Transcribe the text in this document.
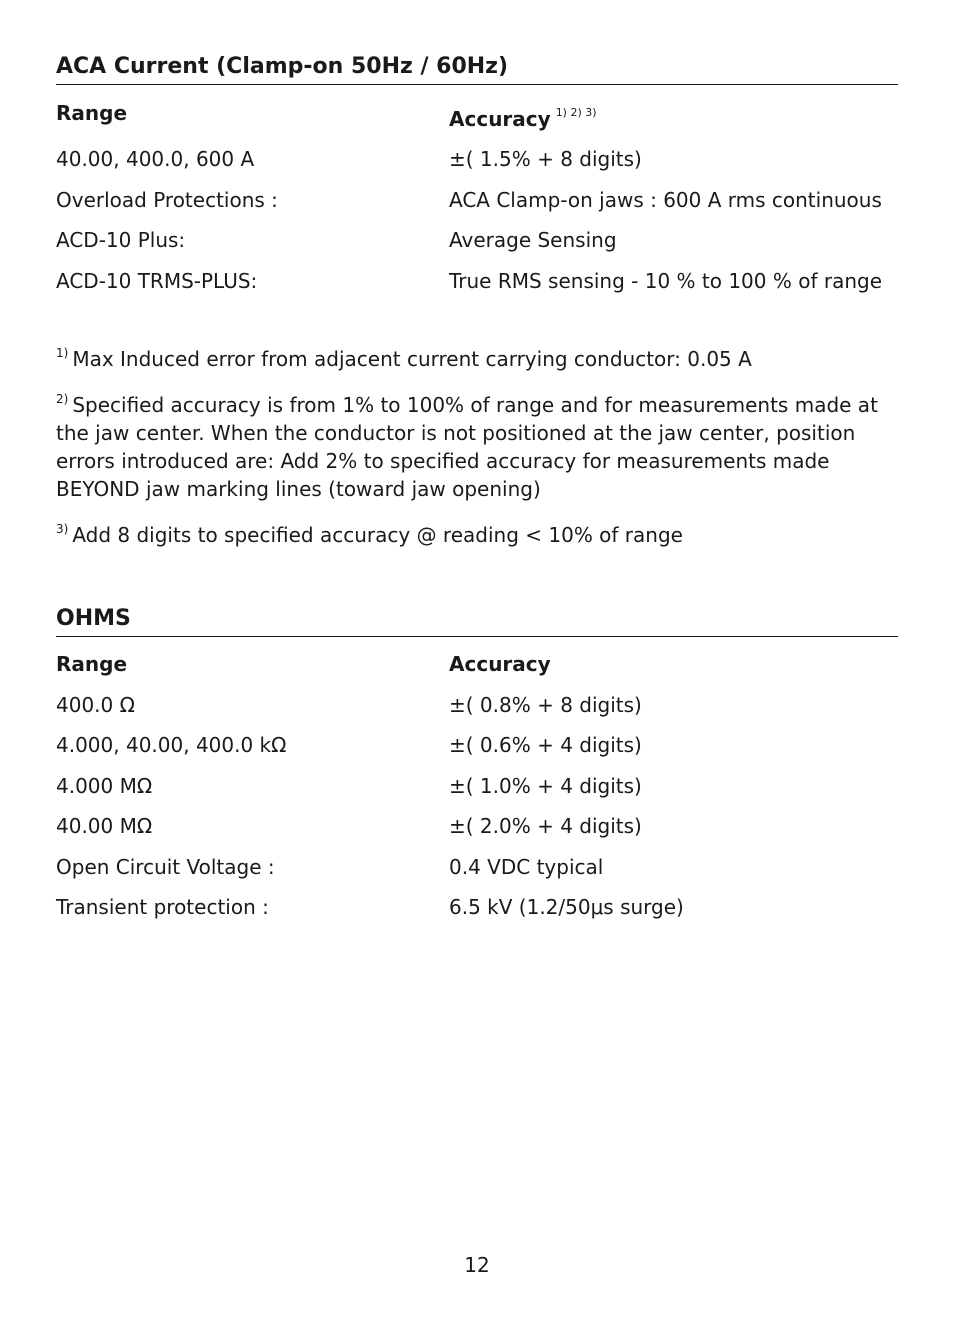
ACA Current (Clamp-on 50Hz / 60Hz)
Range	Accuracy $^{1) 2) 3)}$
40.00, 400.0, 600 A	±( 1.5% + 8 digits)
Overload Protections :	ACA Clamp-on jaws : 600 A rms continuous
ACD-10 Plus:	Average Sensing
ACD-10 TRMS-PLUS:	True RMS sensing - 10 % to 100 % of range
$^{1)}$ Max Induced error from adjacent current carrying conductor: 0.05 A
$^{2)}$ Specified accuracy is from 1% to 100% of range and for measurements made at the jaw center. When the conductor is not positioned at the jaw center, position errors introduced are: Add 2% to specified accuracy for measurements made BEYOND jaw marking lines (toward jaw opening)
$^{3)}$ Add 8 digits to specified accuracy @ reading < 10% of range
OHMS
Range	Accuracy
400.0 Ω	±( 0.8% + 8 digits)
4.000, 40.00, 400.0 kΩ	±( 0.6% + 4 digits)
4.000 MΩ	±( 1.0% + 4 digits)
40.00 MΩ	±( 2.0% + 4 digits)
Open Circuit Voltage :	0.4 VDC typical
Transient protection :	6.5 kV (1.2/50μs surge)
12
